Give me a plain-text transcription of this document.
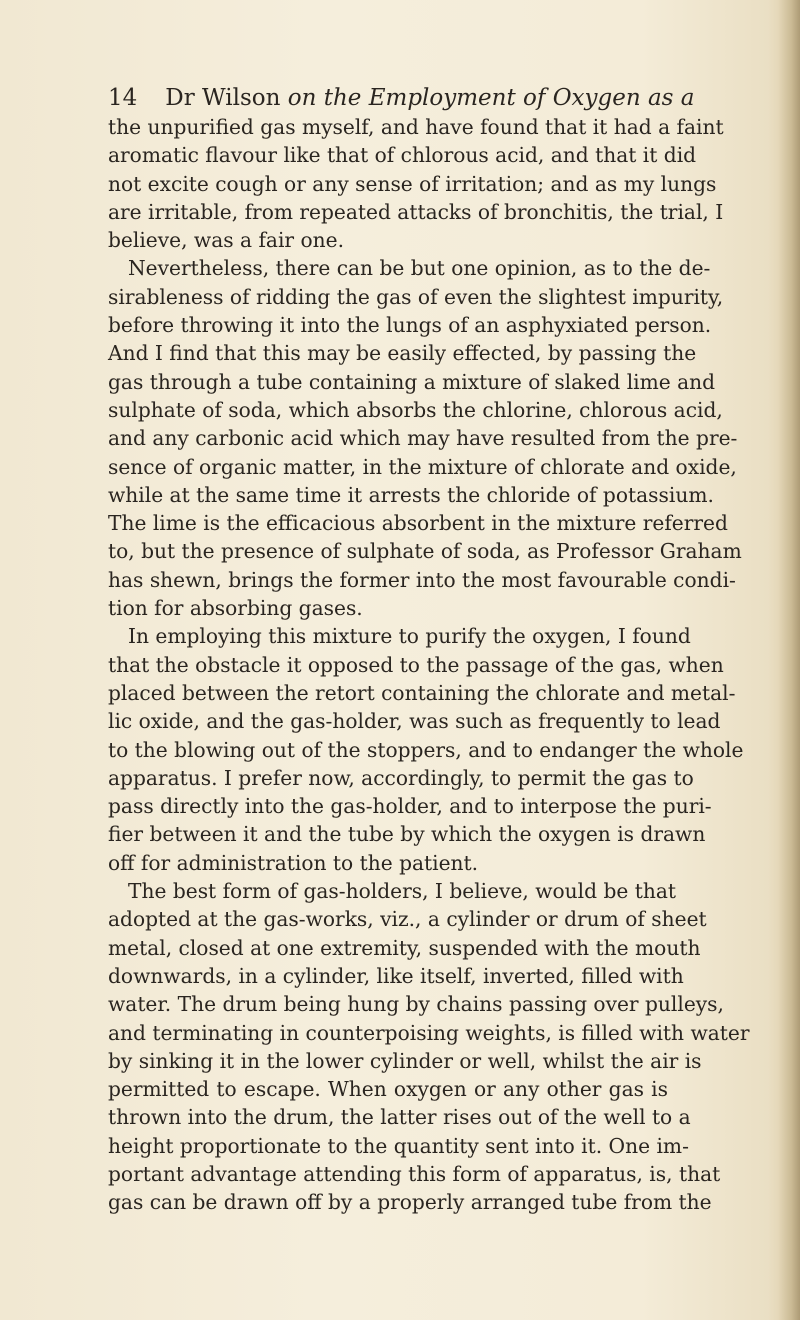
14 Dr Wilson on the Employment of Oxygen as a
the unpurified gas myself, and have found that it had a faint
aromatic flavour like that of chlorous acid, and that it did
not excite cough or any sense of irritation; and as my lungs
are irritable, from repeated attacks of bronchitis, the trial, I
believe, was a fair one.
Nevertheless, there can be but one opinion, as to the de-
sirableness of ridding the gas of even the slightest impurity,
before throwing it into the lungs of an asphyxiated person.
And I find that this may be easily effected, by passing the
gas through a tube containing a mixture of slaked lime and
sulphate of soda, which absorbs the chlorine, chlorous acid,
and any carbonic acid which may have resulted from the pre-
sence of organic matter, in the mixture of chlorate and oxide,
while at the same time it arrests the chloride of potassium.
The lime is the efficacious absorbent in the mixture referred
to, but the presence of sulphate of soda, as Professor Graham
has shewn, brings the former into the most favourable condi-
tion for absorbing gases.
In employing this mixture to purify the oxygen, I found
that the obstacle it opposed to the passage of the gas, when
placed between the retort containing the chlorate and metal-
lic oxide, and the gas-holder, was such as frequently to lead
to the blowing out of the stoppers, and to endanger the whole
apparatus. I prefer now, accordingly, to permit the gas to
pass directly into the gas-holder, and to interpose the puri-
fier between it and the tube by which the oxygen is drawn
off for administration to the patient.
The best form of gas-holders, I believe, would be that
adopted at the gas-works, viz., a cylinder or drum of sheet
metal, closed at one extremity, suspended with the mouth
downwards, in a cylinder, like itself, inverted, filled with
water. The drum being hung by chains passing over pulleys,
and terminating in counterpoising weights, is filled with water
by sinking it in the lower cylinder or well, whilst the air is
permitted to escape. When oxygen or any other gas is
thrown into the drum, the latter rises out of the well to a
height proportionate to the quantity sent into it. One im-
portant advantage attending this form of apparatus, is, that
gas can be drawn off by a properly arranged tube from the
